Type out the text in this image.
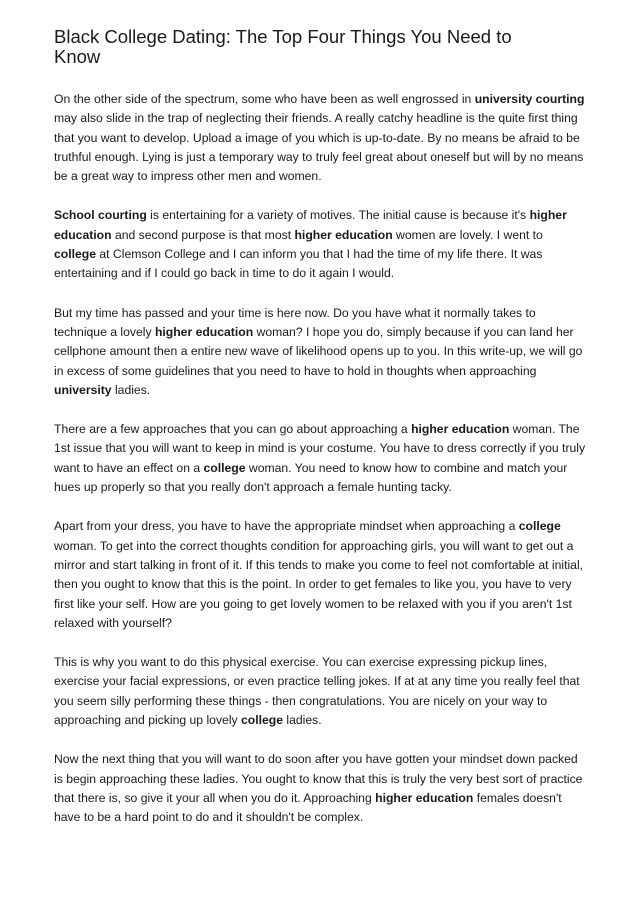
Black College Dating: The Top Four Things You Need to Know

On the other side of the spectrum, some who have been as well engrossed in university courting may also slide in the trap of neglecting their friends. A really catchy headline is the quite first thing that you want to develop. Upload a image of you which is up-to-date. By no means be afraid to be truthful enough. Lying is just a temporary way to truly feel great about oneself but will by no means be a great way to impress other men and women.

School courting is entertaining for a variety of motives. The initial cause is because it's higher education and second purpose is that most higher education women are lovely. I went to college at Clemson College and I can inform you that I had the time of my life there. It was entertaining and if I could go back in time to do it again I would.

But my time has passed and your time is here now. Do you have what it normally takes to technique a lovely higher education woman? I hope you do, simply because if you can land her cellphone amount then a entire new wave of likelihood opens up to you. In this write-up, we will go in excess of some guidelines that you need to have to hold in thoughts when approaching university ladies.

There are a few approaches that you can go about approaching a higher education woman. The 1st issue that you will want to keep in mind is your costume. You have to dress correctly if you truly want to have an effect on a college woman. You need to know how to combine and match your hues up properly so that you really don't approach a female hunting tacky.

Apart from your dress, you have to have the appropriate mindset when approaching a college woman. To get into the correct thoughts condition for approaching girls, you will want to get out a mirror and start talking in front of it. If this tends to make you come to feel not comfortable at initial, then you ought to know that this is the point. In order to get females to like you, you have to very first like your self. How are you going to get lovely women to be relaxed with you if you aren't 1st relaxed with yourself?

This is why you want to do this physical exercise. You can exercise expressing pickup lines, exercise your facial expressions, or even practice telling jokes. If at at any time you really feel that you seem silly performing these things - then congratulations. You are nicely on your way to approaching and picking up lovely college ladies.

Now the next thing that you will want to do soon after you have gotten your mindset down packed is begin approaching these ladies. You ought to know that this is truly the very best sort of practice that there is, so give it your all when you do it. Approaching higher education females doesn't have to be a hard point to do and it shouldn't be complex.
